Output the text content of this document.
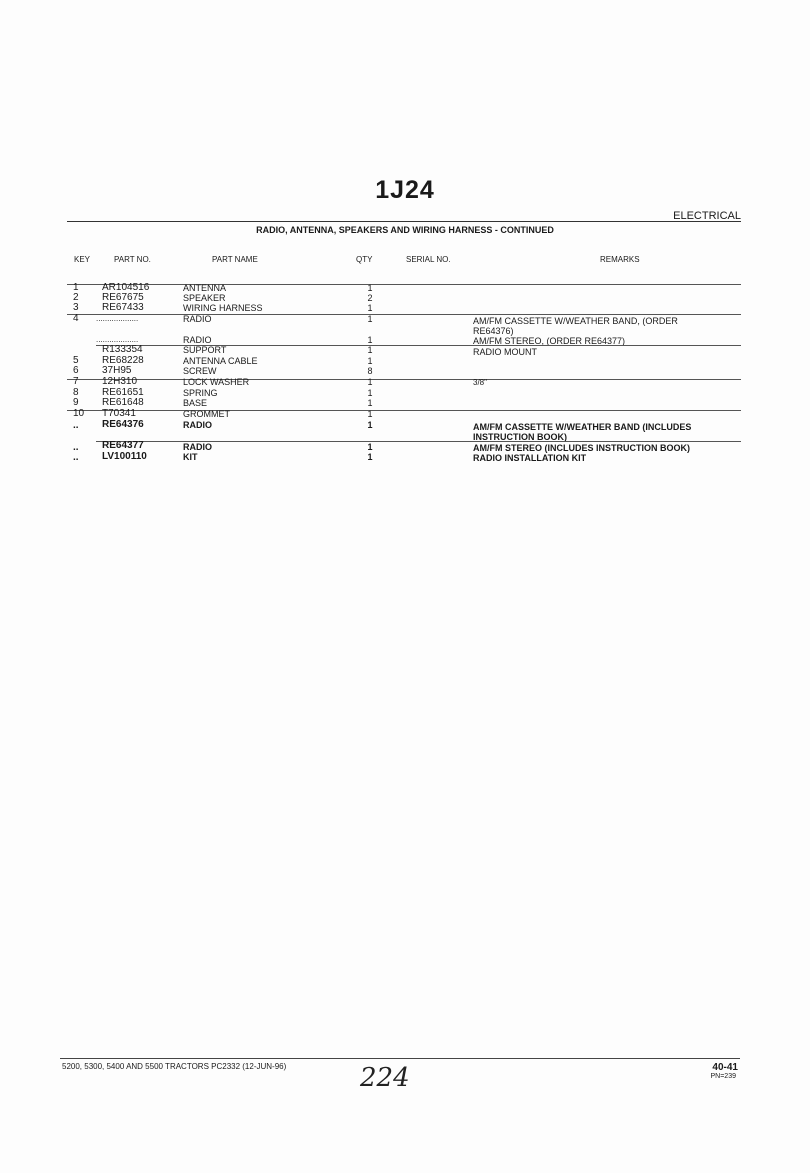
1J24
ELECTRICAL
RADIO, ANTENNA, SPEAKERS AND WIRING HARNESS - CONTINUED
KEY	PART NO.	PART NAME	QTY	SERIAL NO.	REMARKS
1	AR104516	ANTENNA	1
2	RE67675	SPEAKER	2
3	RE67433	WIRING HARNESS	1
4	...................	RADIO	1	AM/FM CASSETTE W/WEATHER BAND, (ORDER RE64376)
...................	RADIO	1	AM/FM STEREO, (ORDER RE64377)
R133354	SUPPORT	1	RADIO MOUNT
5	RE68228	ANTENNA CABLE	1
6	37H95	SCREW	8
7	12H310	LOCK WASHER	1	3/8"
8	RE61651	SPRING	1
9	RE61648	BASE	1
10	T70341	GROMMET	1
..	RE64376	RADIO	1	AM/FM CASSETTE W/WEATHER BAND (INCLUDES INSTRUCTION BOOK)
..	RE64377	RADIO	1	AM/FM STEREO (INCLUDES INSTRUCTION BOOK)
..	LV100110	KIT	1	RADIO INSTALLATION KIT
5200, 5300, 5400 AND 5500 TRACTORS PC2332 (12-JUN-96)	224	40-41
PN=239
